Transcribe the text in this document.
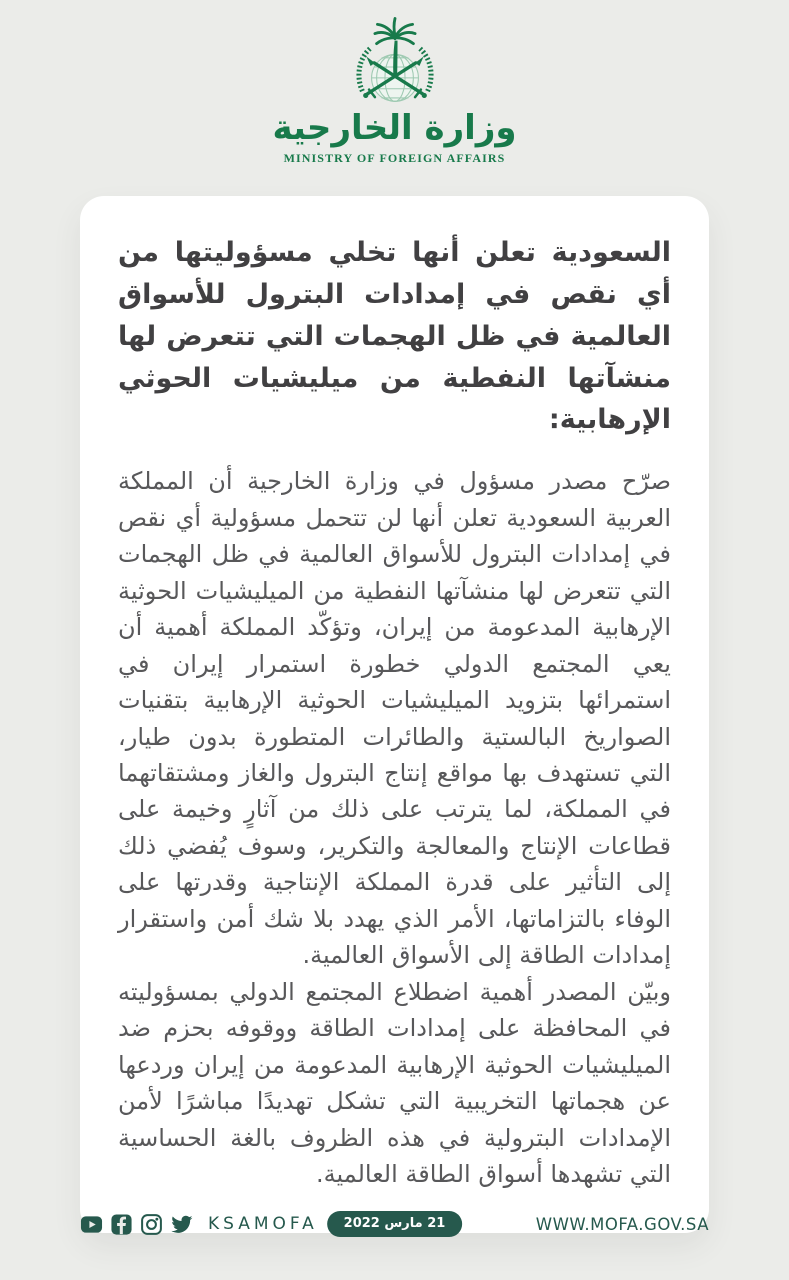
وزارة الخارجية
MINISTRY OF FOREIGN AFFAIRS
السعودية تعلن أنها تخلي مسؤوليتها من أي نقص في إمدادات البترول للأسواق العالمية في ظل الهجمات التي تتعرض لها منشآتها النفطية من ميليشيات الحوثي الإرهابية:

صرّح مصدر مسؤول في وزارة الخارجية أن المملكة العربية السعودية تعلن أنها لن تتحمل مسؤولية أي نقص في إمدادات البترول للأسواق العالمية في ظل الهجمات التي تتعرض لها منشآتها النفطية من الميليشيات الحوثية الإرهابية المدعومة من إيران، وتؤكّد المملكة أهمية أن يعي المجتمع الدولي خطورة استمرار إيران في استمرائها بتزويد الميليشيات الحوثية الإرهابية بتقنيات الصواريخ البالستية والطائرات المتطورة بدون طيار، التي تستهدف بها مواقع إنتاج البترول والغاز ومشتقاتهما في المملكة، لما يترتب على ذلك من آثارٍ وخيمة على قطاعات الإنتاج والمعالجة والتكرير، وسوف يُفضي ذلك إلى التأثير على قدرة المملكة الإنتاجية وقدرتها على الوفاء بالتزاماتها، الأمر الذي يهدد بلا شك أمن واستقرار إمدادات الطاقة إلى الأسواق العالمية.

وبيّن المصدر أهمية اضطلاع المجتمع الدولي بمسؤوليته في المحافظة على إمدادات الطاقة ووقوفه بحزم ضد الميليشيات الحوثية الإرهابية المدعومة من إيران وردعها عن هجماتها التخريبية التي تشكل تهديدًا مباشرًا لأمن الإمدادات البترولية في هذه الظروف بالغة الحساسية التي تشهدها أسواق الطاقة العالمية.

KSAMOFA	21 مارس 2022	WWW.MOFA.GOV.SA
